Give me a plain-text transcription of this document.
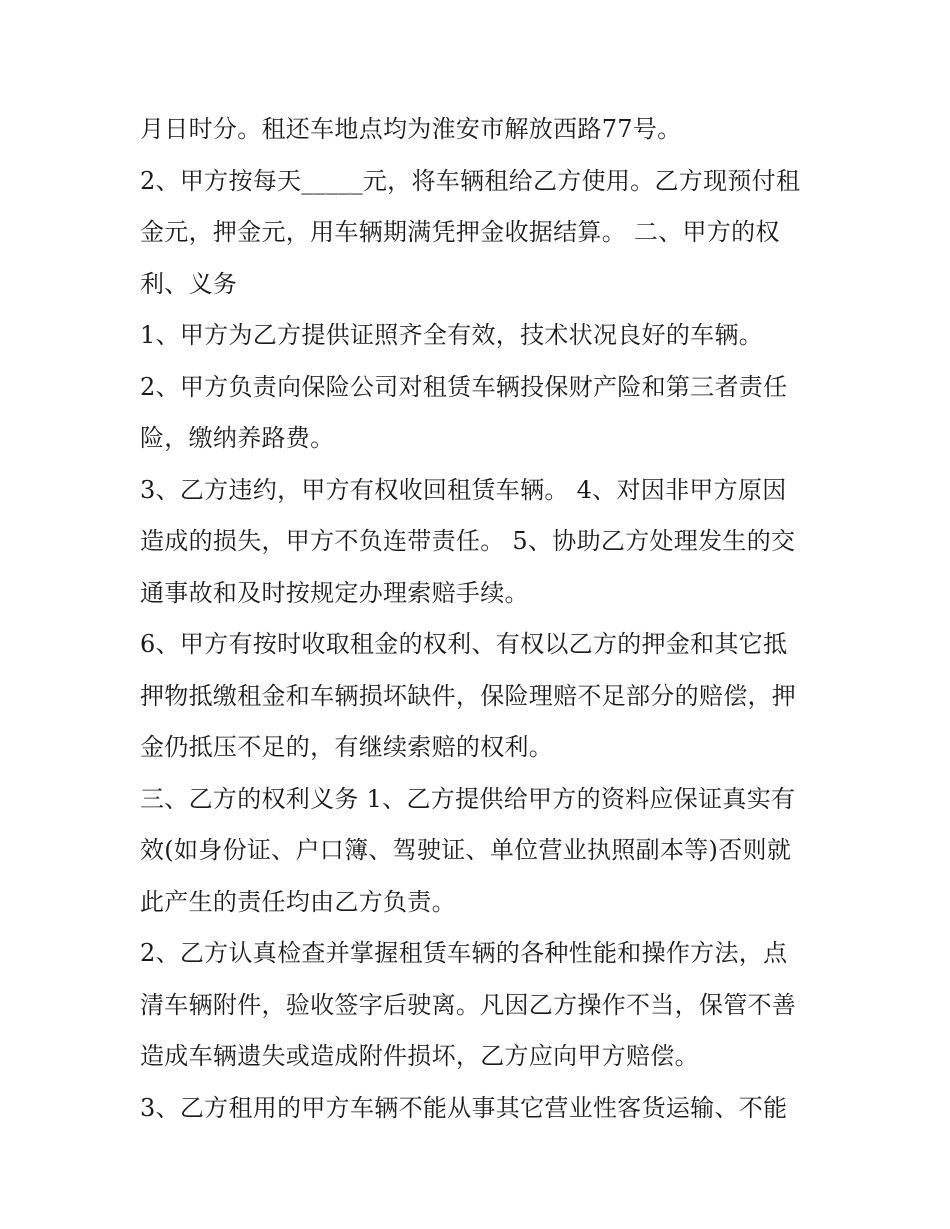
月日时分。租还车地点均为淮安市解放西路77号。
2、甲方按每天_____元，将车辆租给乙方使用。乙方现预付租
金元，押金元，用车辆期满凭押金收据结算。 二、甲方的权
利、义务
1、甲方为乙方提供证照齐全有效，技术状况良好的车辆。
2、甲方负责向保险公司对租赁车辆投保财产险和第三者责任
险，缴纳养路费。
3、乙方违约，甲方有权收回租赁车辆。 4、对因非甲方原因
造成的损失，甲方不负连带责任。 5、协助乙方处理发生的交
通事故和及时按规定办理索赔手续。
6、甲方有按时收取租金的权利、有权以乙方的押金和其它抵
押物抵缴租金和车辆损坏缺件，保险理赔不足部分的赔偿，押
金仍抵压不足的，有继续索赔的权利。
三、乙方的权利义务 1、乙方提供给甲方的资料应保证真实有
效(如身份证、户口簿、驾驶证、单位营业执照副本等)否则就
此产生的责任均由乙方负责。
2、乙方认真检查并掌握租赁车辆的各种性能和操作方法，点
清车辆附件，验收签字后驶离。凡因乙方操作不当，保管不善
造成车辆遗失或造成附件损坏，乙方应向甲方赔偿。
3、乙方租用的甲方车辆不能从事其它营业性客货运输、不能
